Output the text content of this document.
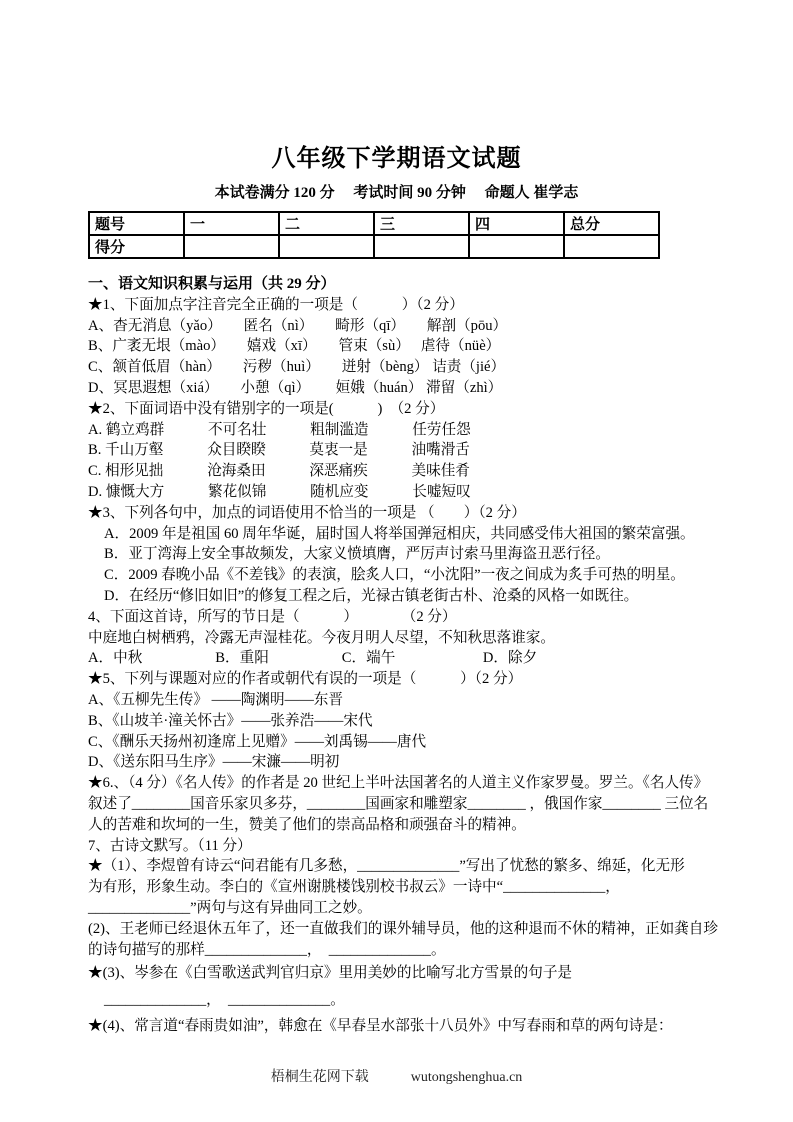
八年级下学期语文试题
本试卷满分 120 分　 考试时间 90 分钟　 命题人 崔学志
题号	一	二	三	四	总分
得分					
一、语文知识积累与运用（共 29 分）
★1、下面加点字注音完全正确的一项是（　　　）（2 分）
A、杳无消息（yǎo）　　匿名（nì）　　畸形（qī）　　解剖（pōu）
B、广袤无垠（mào）　　嬉戏（xī）　　管束（sù）　 虐待（nüè）
C、颔首低眉（hàn）　　污秽（huì）　　迸射（bèng） 诘责（jié）
D、冥思遐想（xiá）　　小憩（qì）　　 姮娥（huán） 滞留（zhì）
★2、下面词语中没有错别字的一项是(　　　)　（2 分）
A. 鹤立鸡群　　　不可名壮　　　粗制滥造　　　任劳任怨
B. 千山万壑　　　众目睽睽　　　莫衷一是　　　油嘴滑舌
C. 相形见拙　　　沧海桑田　　　深恶痛疾　　　美味佳肴
D. 慷慨大方　　　繁花似锦　　　随机应变　　　长嘘短叹
★3、下列各句中，加点的词语使用不恰当的一项是 （　　）（2 分）
A．2009 年是祖国 60 周年华诞，届时国人将举国弹冠相庆，共同感受伟大祖国的繁荣富强。
B．亚丁湾海上安全事故频发，大家义愤填膺，严厉声讨索马里海盗丑恶行径。
C．2009 春晚小品《不差钱》的表演，脍炙人口，“小沈阳”一夜之间成为炙手可热的明星。
D．在经历“修旧如旧”的修复工程之后，光禄古镇老街古朴、沧桑的风格一如既往。
4、下面这首诗，所写的节日是（　　　）　　　　（2 分）
中庭地白树栖鸦，冷露无声湿桂花。今夜月明人尽望，不知秋思落谁家。
A．中秋　　　　　B．重阳　　　　　C．端午　　　　　　D．除夕
★5、下列与课题对应的作者或朝代有误的一项是（　　　）（2 分）
A、《五柳先生传》 ——陶渊明——东晋
B、《山坡羊·潼关怀古》——张养浩——宋代
C、《酬乐天扬州初逢席上见赠》——刘禹锡——唐代
D、《送东阳马生序》——宋濂——明初
★6.、（4 分）《名人传》的作者是 20 世纪上半叶法国著名的人道主义作家罗曼。罗兰。《名人传》
叙述了________国音乐家贝多芬，________国画家和雕塑家________ ，俄国作家________ 三位名
人的苦难和坎坷的一生，赞美了他们的崇高品格和顽强奋斗的精神。
7、古诗文默写。（11 分）
★（1）、李煜曾有诗云“问君能有几多愁，______________”写出了忧愁的繁多、绵延，化无形
为有形，形象生动。李白的《宣州谢朓楼饯别校书叔云》一诗中“______________，
______________”两句与这有异曲同工之妙。
(2)、王老师已经退休五年了，还一直做我们的课外辅导员，他的这种退而不休的精神，正如龚自珍
的诗句描写的那样______________，　______________。
★(3)、岑参在《白雪歌送武判官归京》里用美妙的比喻写北方雪景的句子是
______________，　______________。
★(4)、常言道“春雨贵如油”，韩愈在《早春呈水部张十八员外》中写春雨和草的两句诗是：
梧桐生花网下载	wutongshenghua.cn
